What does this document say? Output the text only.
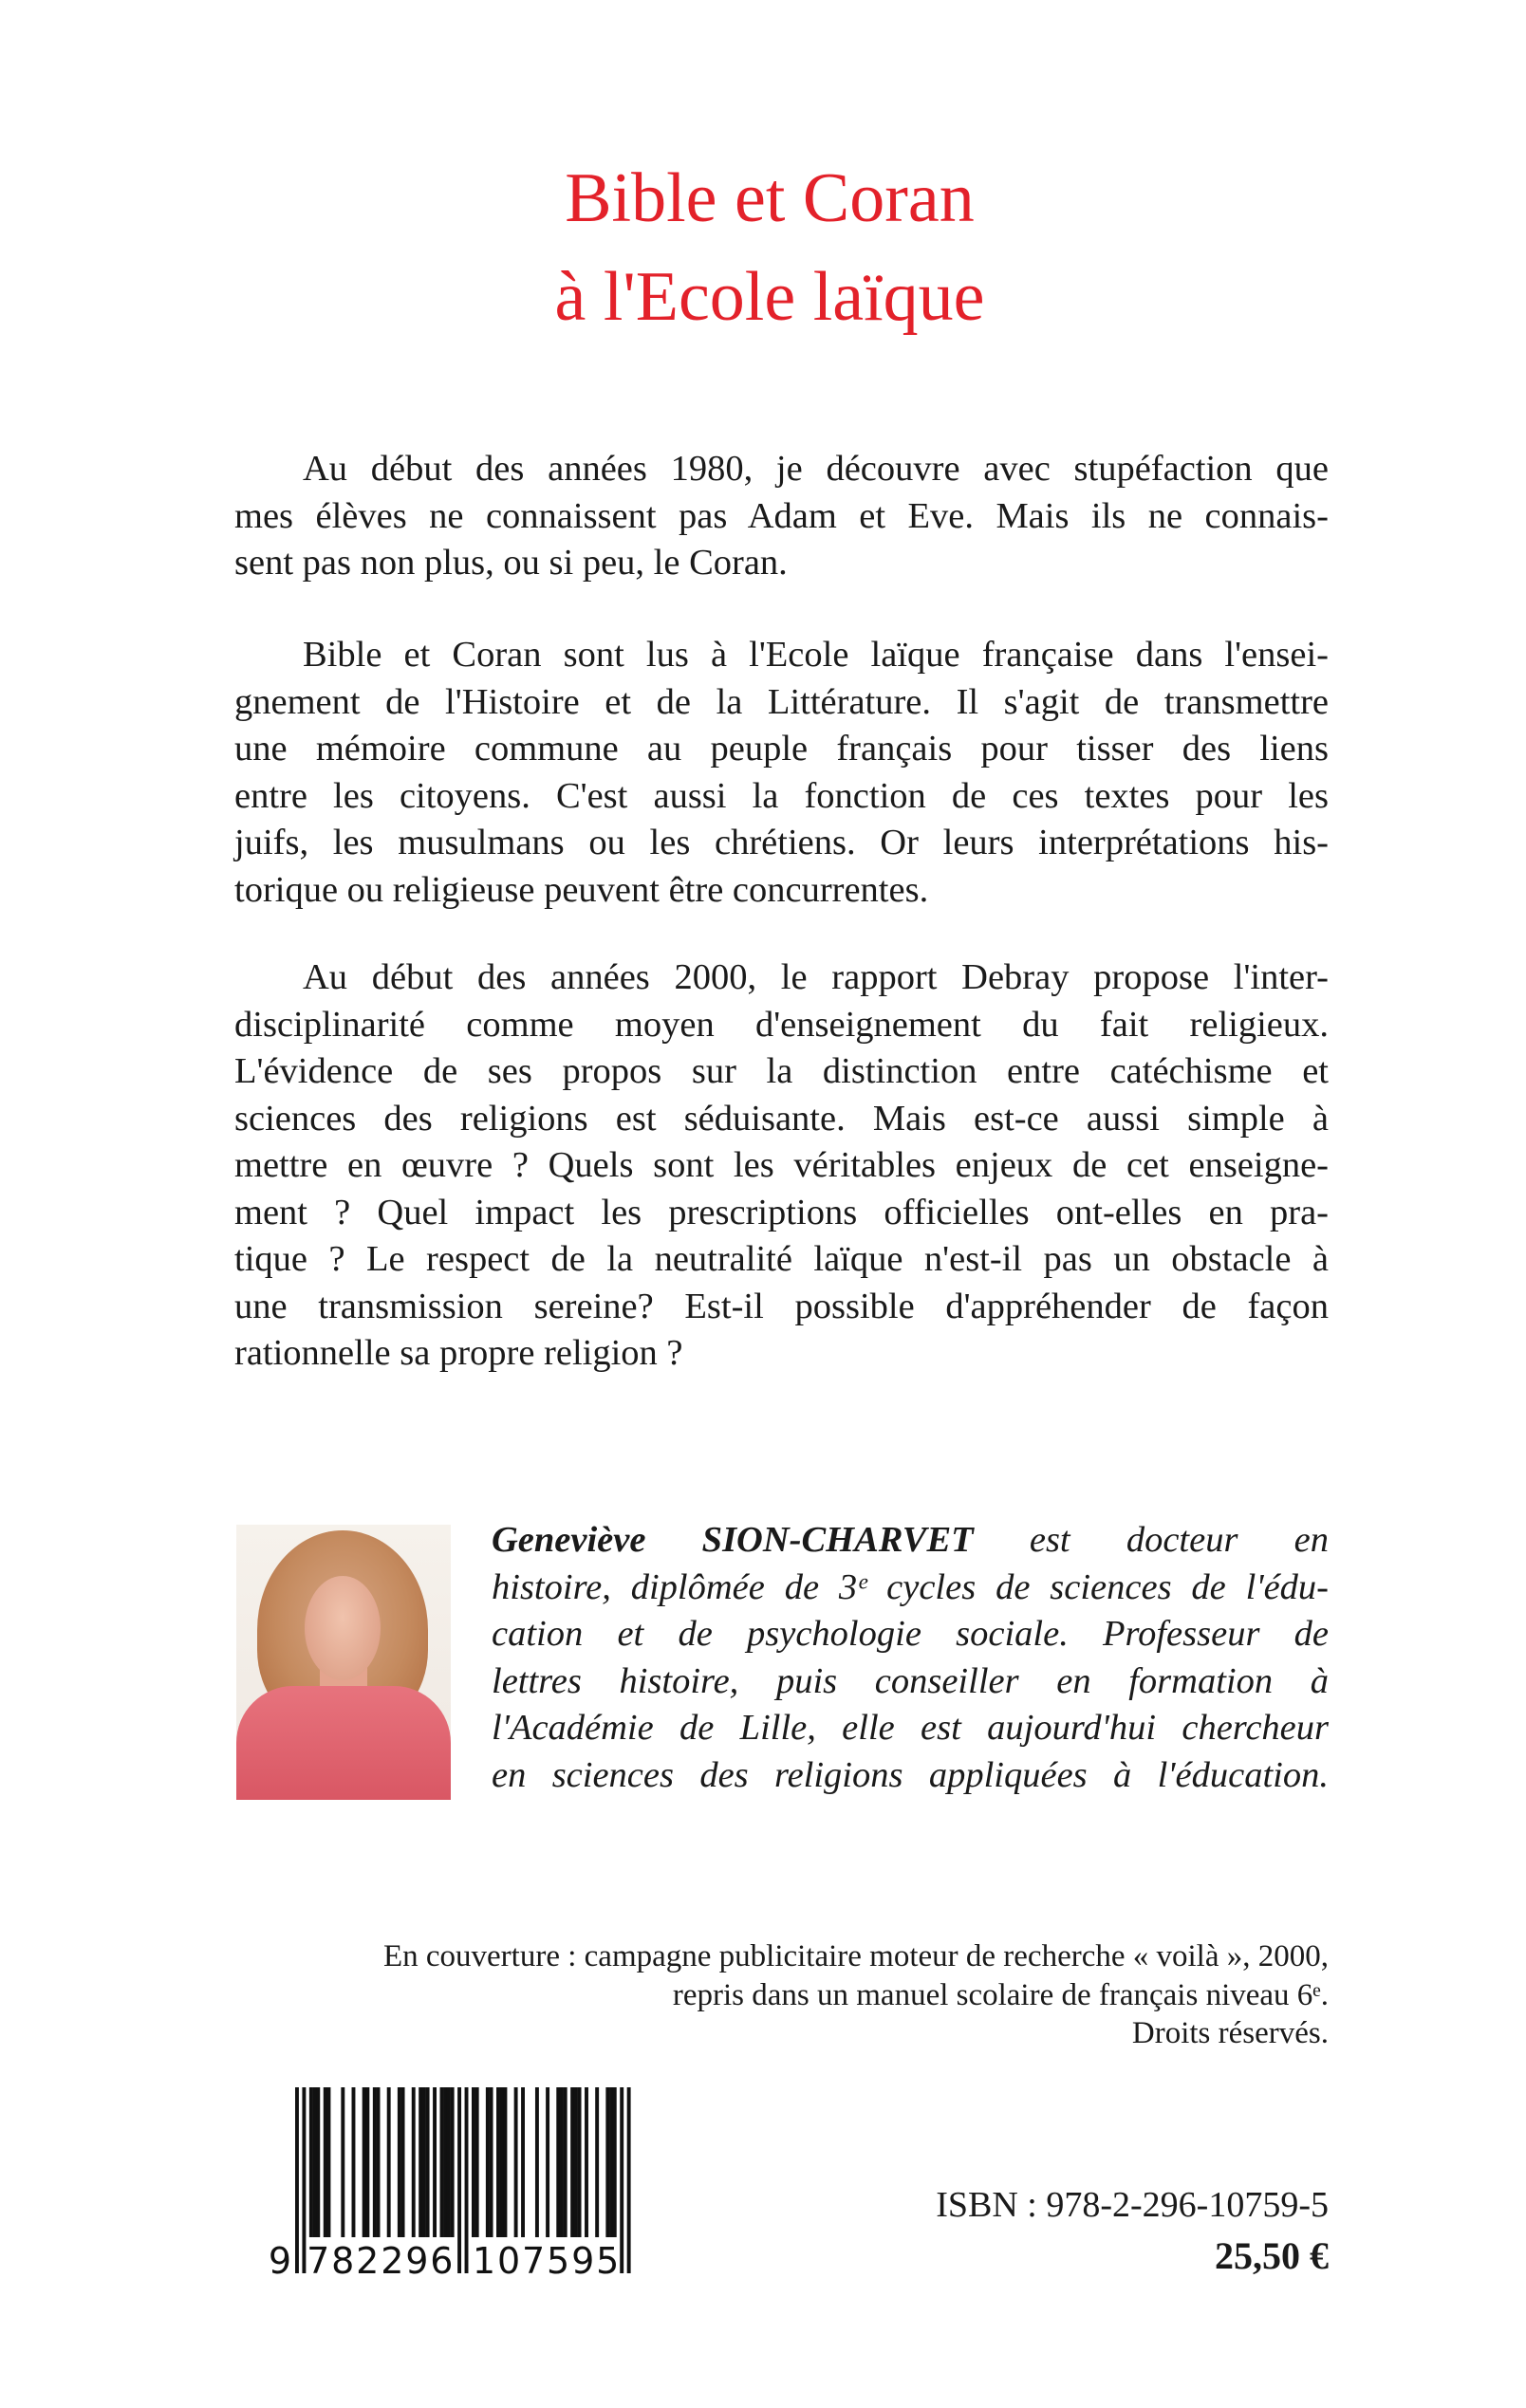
Bible et Coran
à l'Ecole laïque
Au début des années 1980, je découvre avec stupéfaction que
mes élèves ne connaissent pas Adam et Eve. Mais ils ne connais-
sent pas non plus, ou si peu, le Coran.
Bible et Coran sont lus à l'Ecole laïque française dans l'ensei-
gnement de l'Histoire et de la Littérature. Il s'agit de transmettre
une mémoire commune au peuple français pour tisser des liens
entre les citoyens. C'est aussi la fonction de ces textes pour les
juifs, les musulmans ou les chrétiens. Or leurs interprétations his-
torique ou religieuse peuvent être concurrentes.
Au début des années 2000, le rapport Debray propose l'inter-
disciplinarité comme moyen d'enseignement du fait religieux.
L'évidence de ses propos sur la distinction entre catéchisme et
sciences des religions est séduisante. Mais est-ce aussi simple à
mettre en œuvre ? Quels sont les véritables enjeux de cet enseigne-
ment ? Quel impact les prescriptions officielles ont-elles en pra-
tique ? Le respect de la neutralité laïque n'est-il pas un obstacle à
une transmission sereine? Est-il possible d'appréhender de façon
rationnelle sa propre religion ?
Geneviève SION-CHARVET est docteur en
histoire, diplômée de 3ᵉ cycles de sciences de l'édu-
cation et de psychologie sociale. Professeur de
lettres histoire, puis conseiller en formation à
l'Académie de Lille, elle est aujourd'hui chercheur
en sciences des religions appliquées à l'éducation.
En couverture : campagne publicitaire moteur de recherche « voilà », 2000,
repris dans un manuel scolaire de français niveau 6ᵉ.
Droits réservés.
9 7 8 2 2 9 6 1 0 7 5 9 5
ISBN : 978-2-296-10759-5
25,50 €
